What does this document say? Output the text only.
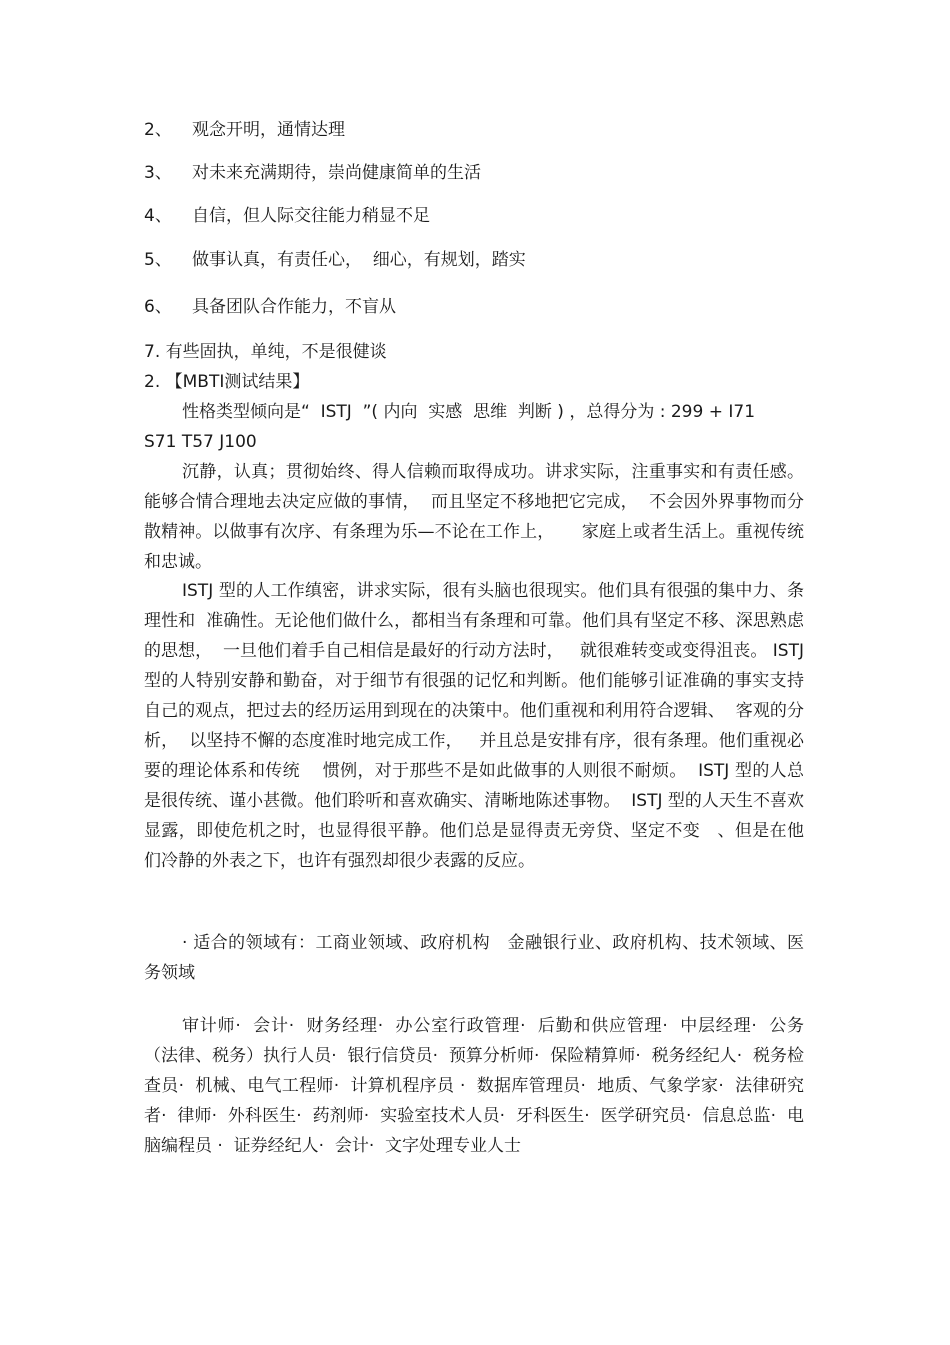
2、 观念开明，通情达理

3、 对未来充满期待，崇尚健康简单的生活

4、 自信，但人际交往能力稍显不足

5、 做事认真，有责任心，  细心，有规划，踏实

6、 具备团队合作能力，不盲从

7. 有些固执，单纯，不是很健谈

2. 【MBTI测试结果】

性格类型倾向是“  ISTJ  ”( 内向  实感  思维  判断 ) ，总得分为 : 299 + I71

S71 T57 J100

沉静，认真；贯彻始终、得人信赖而取得成功。讲求实际，注重事实和有责任感。能够合情合理地去决定应做的事情，  而且坚定不移地把它完成，  不会因外界事物而分散精神。以做事有次序、有条理为乐—不论在工作上，     家庭上或者生活上。重视传统和忠诚。

ISTJ 型的人工作缜密，讲求实际，很有头脑也很现实。他们具有很强的集中力、条理性和  准确性。无论他们做什么，都相当有条理和可靠。他们具有坚定不移、深思熟虑的思想，  一旦他们着手自己相信是最好的行动方法时，   就很难转变或变得沮丧。 ISTJ 型的人特别安静和勤奋，对于细节有很强的记忆和判断。他们能够引证准确的事实支持自己的观点，把过去的经历运用到现在的决策中。他们重视和利用符合逻辑、  客观的分析，  以坚持不懈的态度准时地完成工作，   并且总是安排有序，很有条理。他们重视必要的理论体系和传统    惯例，对于那些不是如此做事的人则很不耐烦。  ISTJ 型的人总是很传统、谨小甚微。他们聆听和喜欢确实、清晰地陈述事物。  ISTJ 型的人天生不喜欢显露，即使危机之时，也显得很平静。他们总是显得责无旁贷、坚定不变   、但是在他们冷静的外表之下，也许有强烈却很少表露的反应。

· 适合的领域有：工商业领域、政府机构   金融银行业、政府机构、技术领域、医务领域

审计师·  会计·  财务经理·  办公室行政管理·  后勤和供应管理·  中层经理·  公务（法律、税务）执行人员·  银行信贷员·  预算分析师·  保险精算师·  税务经纪人·  税务检查员·  机械、电气工程师·  计算机程序员 ·  数据库管理员·  地质、气象学家·  法律研究者·  律师·  外科医生·  药剂师·  实验室技术人员·  牙科医生·  医学研究员·  信息总监·  电脑编程员 ·  证券经纪人·  会计·  文字处理专业人士
